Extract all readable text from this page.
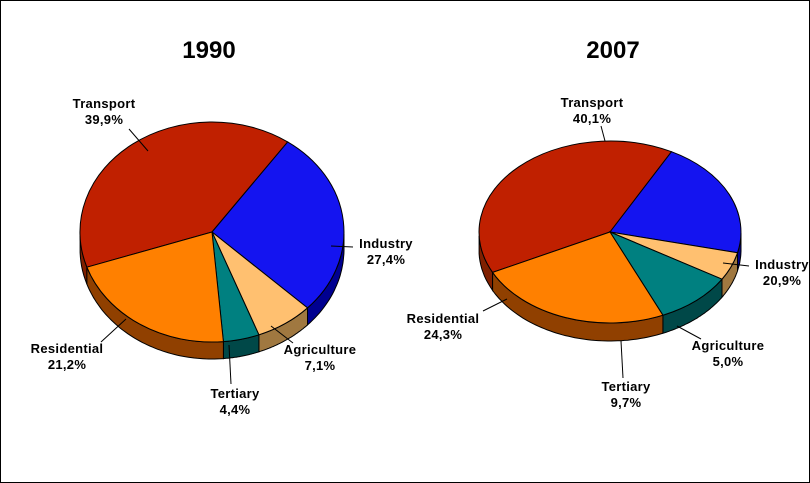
1990
Transport
39,9%
Industry
27,4%
Agriculture
7,1%
Tertiary
4,4%
Residential
21,2%
2007
Transport
40,1%
Industry
20,9%
Agriculture
5,0%
Tertiary
9,7%
Residential
24,3%
